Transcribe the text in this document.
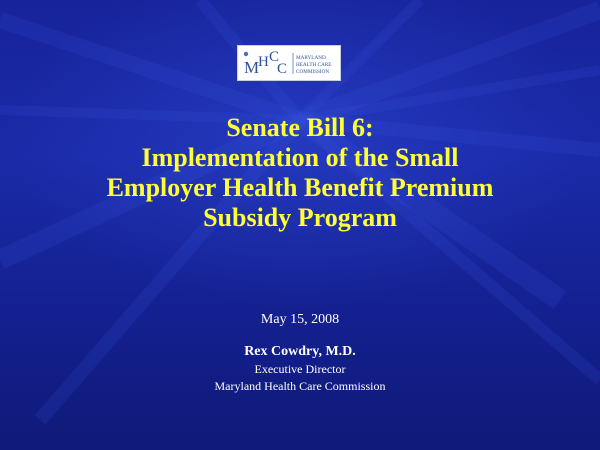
M
H C
C
MARYLAND
HEALTH CARE
COMMISSION
Senate Bill 6:
Implementation of the Small
Employer Health Benefit Premium
Subsidy Program
May 15, 2008
Rex Cowdry, M.D.
Executive Director
Maryland Health Care Commission
